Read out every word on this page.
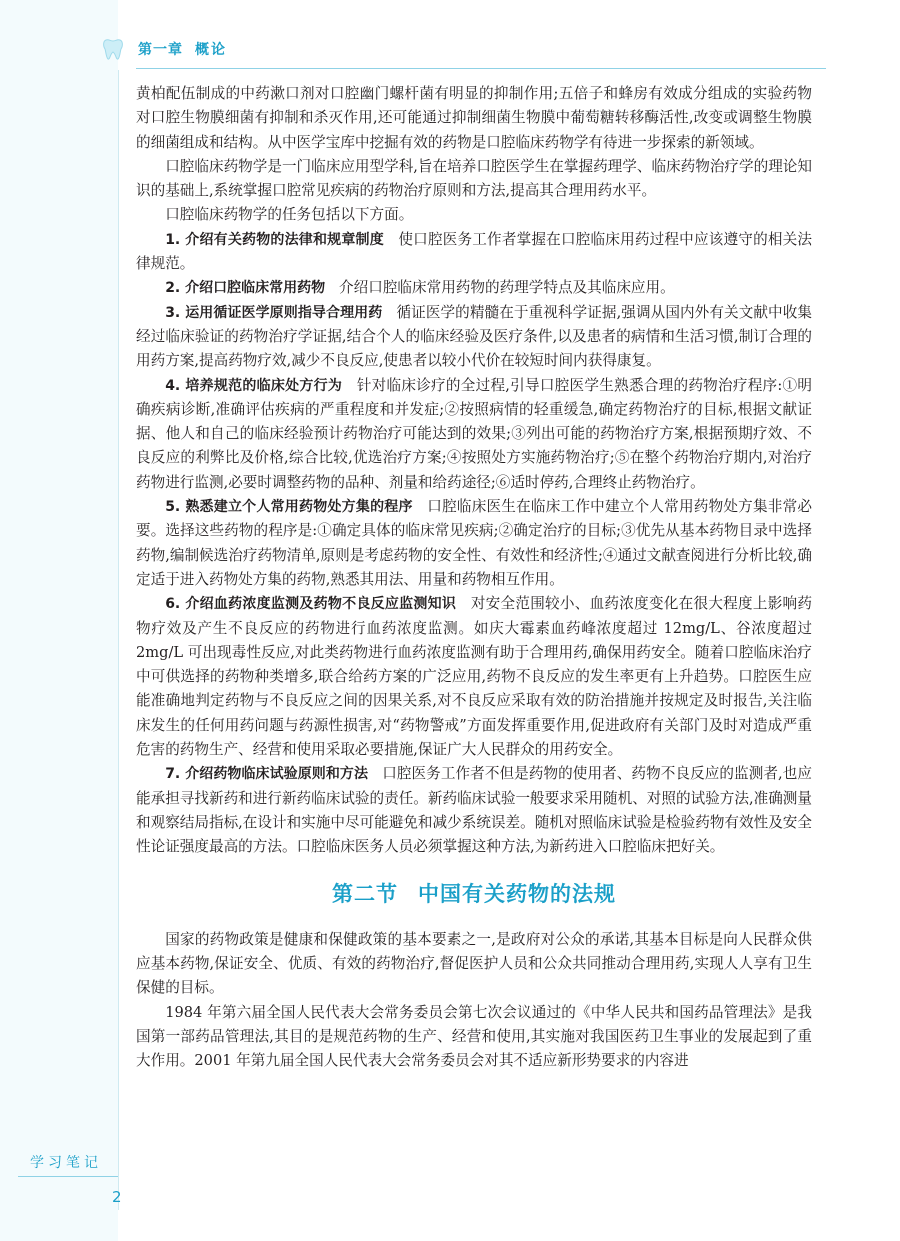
第一章 概论

黄柏配伍制成的中药漱口剂对口腔幽门螺杆菌有明显的抑制作用;五倍子和蜂房有效成分组成的实验药物对口腔生物膜细菌有抑制和杀灭作用,还可能通过抑制细菌生物膜中葡萄糖转移酶活性,改变或调整生物膜的细菌组成和结构。从中医学宝库中挖掘有效的药物是口腔临床药物学有待进一步探索的新领域。

口腔临床药物学是一门临床应用型学科,旨在培养口腔医学生在掌握药理学、临床药物治疗学的理论知识的基础上,系统掌握口腔常见疾病的药物治疗原则和方法,提高其合理用药水平。

口腔临床药物学的任务包括以下方面。

1. 介绍有关药物的法律和规章制度 使口腔医务工作者掌握在口腔临床用药过程中应该遵守的相关法律规范。

2. 介绍口腔临床常用药物 介绍口腔临床常用药物的药理学特点及其临床应用。

3. 运用循证医学原则指导合理用药 循证医学的精髓在于重视科学证据,强调从国内外有关文献中收集经过临床验证的药物治疗学证据,结合个人的临床经验及医疗条件,以及患者的病情和生活习惯,制订合理的用药方案,提高药物疗效,减少不良反应,使患者以较小代价在较短时间内获得康复。

4. 培养规范的临床处方行为 针对临床诊疗的全过程,引导口腔医学生熟悉合理的药物治疗程序:①明确疾病诊断,准确评估疾病的严重程度和并发症;②按照病情的轻重缓急,确定药物治疗的目标,根据文献证据、他人和自己的临床经验预计药物治疗可能达到的效果;③列出可能的药物治疗方案,根据预期疗效、不良反应的利弊比及价格,综合比较,优选治疗方案;④按照处方实施药物治疗;⑤在整个药物治疗期内,对治疗药物进行监测,必要时调整药物的品种、剂量和给药途径;⑥适时停药,合理终止药物治疗。

5. 熟悉建立个人常用药物处方集的程序 口腔临床医生在临床工作中建立个人常用药物处方集非常必要。选择这些药物的程序是:①确定具体的临床常见疾病;②确定治疗的目标;③优先从基本药物目录中选择药物,编制候选治疗药物清单,原则是考虑药物的安全性、有效性和经济性;④通过文献查阅进行分析比较,确定适于进入药物处方集的药物,熟悉其用法、用量和药物相互作用。

6. 介绍血药浓度监测及药物不良反应监测知识 对安全范围较小、血药浓度变化在很大程度上影响药物疗效及产生不良反应的药物进行血药浓度监测。如庆大霉素血药峰浓度超过 12mg/L、谷浓度超过 2mg/L 可出现毒性反应,对此类药物进行血药浓度监测有助于合理用药,确保用药安全。随着口腔临床治疗中可供选择的药物种类增多,联合给药方案的广泛应用,药物不良反应的发生率更有上升趋势。口腔医生应能准确地判定药物与不良反应之间的因果关系,对不良反应采取有效的防治措施并按规定及时报告,关注临床发生的任何用药问题与药源性损害,对“药物警戒”方面发挥重要作用,促进政府有关部门及时对造成严重危害的药物生产、经营和使用采取必要措施,保证广大人民群众的用药安全。

7. 介绍药物临床试验原则和方法 口腔医务工作者不但是药物的使用者、药物不良反应的监测者,也应能承担寻找新药和进行新药临床试验的责任。新药临床试验一般要求采用随机、对照的试验方法,准确测量和观察结局指标,在设计和实施中尽可能避免和减少系统误差。随机对照临床试验是检验药物有效性及安全性论证强度最高的方法。口腔临床医务人员必须掌握这种方法,为新药进入口腔临床把好关。

第二节 中国有关药物的法规

国家的药物政策是健康和保健政策的基本要素之一,是政府对公众的承诺,其基本目标是向人民群众供应基本药物,保证安全、优质、有效的药物治疗,督促医护人员和公众共同推动合理用药,实现人人享有卫生保健的目标。

1984 年第六届全国人民代表大会常务委员会第七次会议通过的《中华人民共和国药品管理法》是我国第一部药品管理法,其目的是规范药物的生产、经营和使用,其实施对我国医药卫生事业的发展起到了重大作用。2001 年第九届全国人民代表大会常务委员会对其不适应新形势要求的内容进

学习笔记
2
